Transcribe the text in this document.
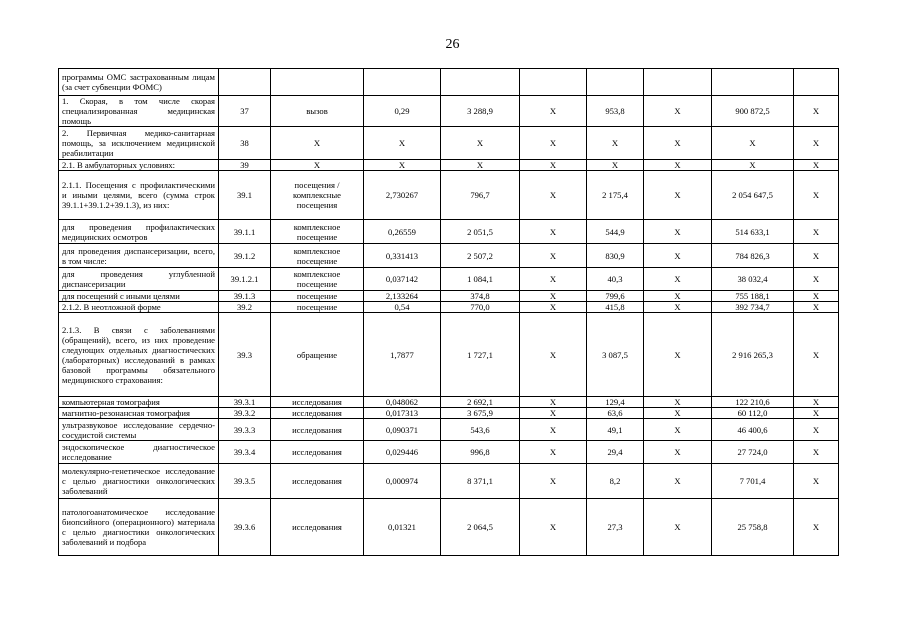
26
программы ОМС застрахованным лицам (за счет субвенции ФОМС)									
1. Скорая, в том числе скорая специализированная медицинская помощь	37	вызов	0,29	3 288,9	Х	953,8	Х	900 872,5	Х
2. Первичная медико-санитарная помощь, за исключением медицинской реабилитации	38	Х	Х	Х	Х	Х	Х	Х	Х
2.1. В амбулаторных условиях:	39	Х	Х	Х	Х	Х	Х	Х	Х
2.1.1. Посещения с профилактическими и иными целями, всего (сумма строк 39.1.1+39.1.2+39.1.3), из них:	39.1	посещения / комплексные посещения	2,730267	796,7	Х	2 175,4	Х	2 054 647,5	Х
для проведения профилактических медицинских осмотров	39.1.1	комплексное посещение	0,26559	2 051,5	Х	544,9	Х	514 633,1	Х
для проведения диспансеризации, всего, в том числе:	39.1.2	комплексное посещение	0,331413	2 507,2	Х	830,9	Х	784 826,3	Х
для проведения углубленной диспансеризации	39.1.2.1	комплексное посещение	0,037142	1 084,1	Х	40,3	Х	38 032,4	Х
для посещений с иными целями	39.1.3	посещение	2,133264	374,8	Х	799,6	Х	755 188,1	Х
2.1.2. В неотложной форме	39.2	посещение	0,54	770,0	Х	415,8	Х	392 734,7	Х
2.1.3. В связи с заболеваниями (обращений), всего, из них проведение следующих отдельных диагностических (лабораторных) исследований в рамках базовой программы обязательного медицинского страхования:	39.3	обращение	1,7877	1 727,1	Х	3 087,5	Х	2 916 265,3	Х
компьютерная томография	39.3.1	исследования	0,048062	2 692,1	Х	129,4	Х	122 210,6	Х
магнитно-резонансная томография	39.3.2	исследования	0,017313	3 675,9	Х	63,6	Х	60 112,0	Х
ультразвуковое исследование сердечно-сосудистой системы	39.3.3	исследования	0,090371	543,6	Х	49,1	Х	46 400,6	Х
эндоскопическое диагностическое исследование	39.3.4	исследования	0,029446	996,8	Х	29,4	Х	27 724,0	Х
молекулярно-генетическое исследование с целью диагностики онкологических заболеваний	39.3.5	исследования	0,000974	8 371,1	Х	8,2	Х	7 701,4	Х
патологоанатомическое исследование биопсийного (операционного) материала с целью диагностики онкологических заболеваний и подбора	39.3.6	исследования	0,01321	2 064,5	Х	27,3	Х	25 758,8	Х
